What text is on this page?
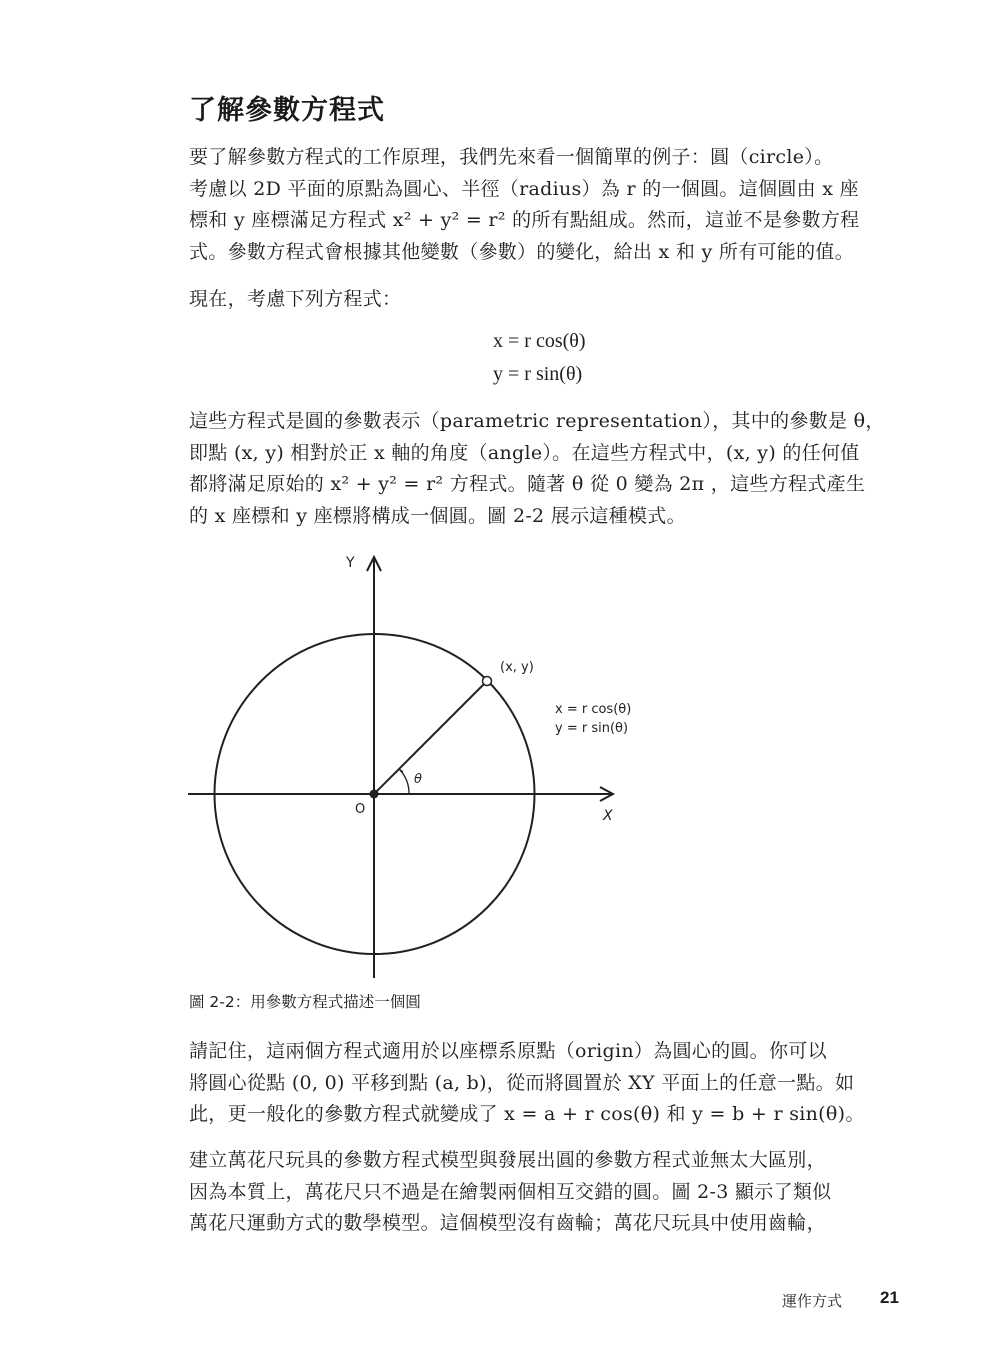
了解參數方程式
要了解參數方程式的工作原理，我們先來看一個簡單的例子：圓（circle）。
考慮以 2D 平面的原點為圓心、半徑（radius）為 r 的一個圓。這個圓由 x 座
標和 y 座標滿足方程式 x² + y² = r² 的所有點組成。然而，這並不是參數方程
式。參數方程式會根據其他變數（參數）的變化，給出 x 和 y 所有可能的值。
現在，考慮下列方程式：
x = r cos(θ)
y = r sin(θ)
這些方程式是圓的參數表示（parametric representation），其中的參數是 θ，
即點 (x, y) 相對於正 x 軸的角度（angle）。在這些方程式中，(x, y) 的任何值
都將滿足原始的 x² + y² = r² 方程式。隨著 θ 從 0 變為 2π ，這些方程式產生
的 x 座標和 y 座標將構成一個圓。圖 2-2 展示這種模式。
Y
X
O
(x, y)
θ
x = r cos(θ)
y = r sin(θ)
圖 2-2：用參數方程式描述一個圓
請記住，這兩個方程式適用於以座標系原點（origin）為圓心的圓。你可以
將圓心從點 (0, 0) 平移到點 (a, b)，從而將圓置於 XY 平面上的任意一點。如
此，更一般化的參數方程式就變成了 x = a + r cos(θ) 和 y = b + r sin(θ)。
建立萬花尺玩具的參數方程式模型與發展出圓的參數方程式並無太大區別，
因為本質上，萬花尺只不過是在繪製兩個相互交錯的圓。圖 2-3 顯示了類似
萬花尺運動方式的數學模型。這個模型沒有齒輪；萬花尺玩具中使用齒輪，
運作方式 21
